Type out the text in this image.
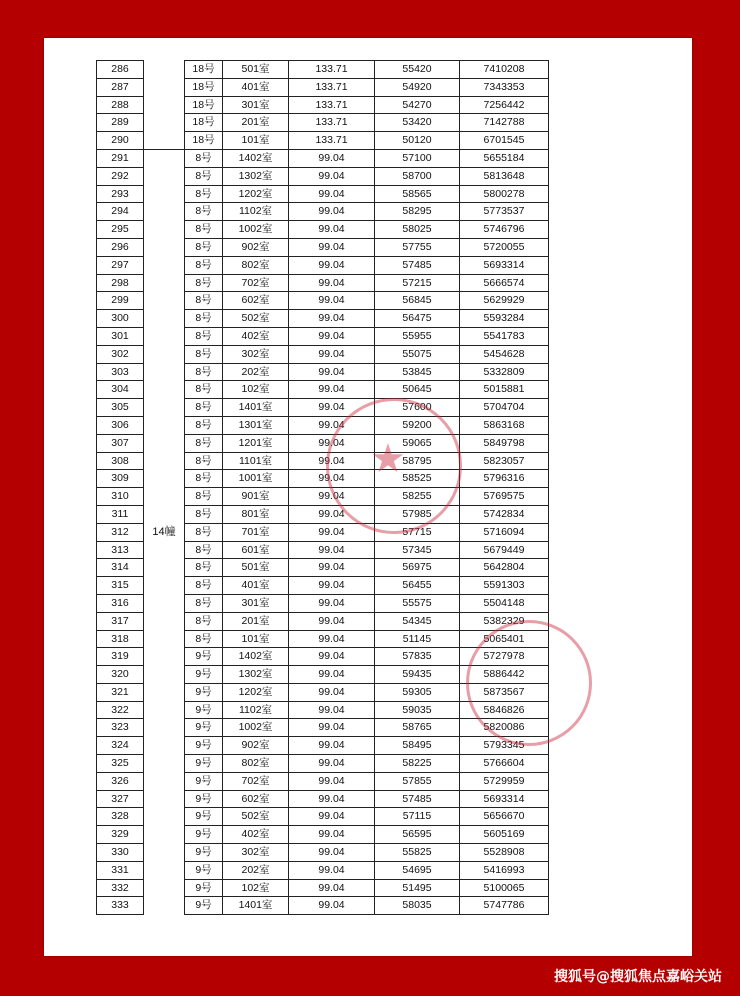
286		18号	501室	133.71	55420	7410208
287		18号	401室	133.71	54920	7343353
288		18号	301室	133.71	54270	7256442
289		18号	201室	133.71	53420	7142788
290		18号	101室	133.71	50120	6701545
291	14幢	8号	1402室	99.04	57100	5655184
292		8号	1302室	99.04	58700	5813648
293		8号	1202室	99.04	58565	5800278
294		8号	1102室	99.04	58295	5773537
295		8号	1002室	99.04	58025	5746796
296		8号	902室	99.04	57755	5720055
297		8号	802室	99.04	57485	5693314
298		8号	702室	99.04	57215	5666574
299		8号	602室	99.04	56845	5629929
300		8号	502室	99.04	56475	5593284
301		8号	402室	99.04	55955	5541783
302		8号	302室	99.04	55075	5454628
303		8号	202室	99.04	53845	5332809
304		8号	102室	99.04	50645	5015881
305		8号	1401室	99.04	57600	5704704
306		8号	1301室	99.04	59200	5863168
307		8号	1201室	99.04	59065	5849798
308		8号	1101室	99.04	58795	5823057
309		8号	1001室	99.04	58525	5796316
310		8号	901室	99.04	58255	5769575
311		8号	801室	99.04	57985	5742834
312		8号	701室	99.04	57715	5716094
313		8号	601室	99.04	57345	5679449
314		8号	501室	99.04	56975	5642804
315		8号	401室	99.04	56455	5591303
316		8号	301室	99.04	55575	5504148
317		8号	201室	99.04	54345	5382329
318		8号	101室	99.04	51145	5065401
319		9号	1402室	99.04	57835	5727978
320		9号	1302室	99.04	59435	5886442
321		9号	1202室	99.04	59305	5873567
322		9号	1102室	99.04	59035	5846826
323		9号	1002室	99.04	58765	5820086
324		9号	902室	99.04	58495	5793345
325		9号	802室	99.04	58225	5766604
326		9号	702室	99.04	57855	5729959
327		9号	602室	99.04	57485	5693314
328		9号	502室	99.04	57115	5656670
329		9号	402室	99.04	56595	5605169
330		9号	302室	99.04	55825	5528908
331		9号	202室	99.04	54695	5416993
332		9号	102室	99.04	51495	5100065
333		9号	1401室	99.04	58035	5747786
★
搜狐号@搜狐焦点嘉峪关站
